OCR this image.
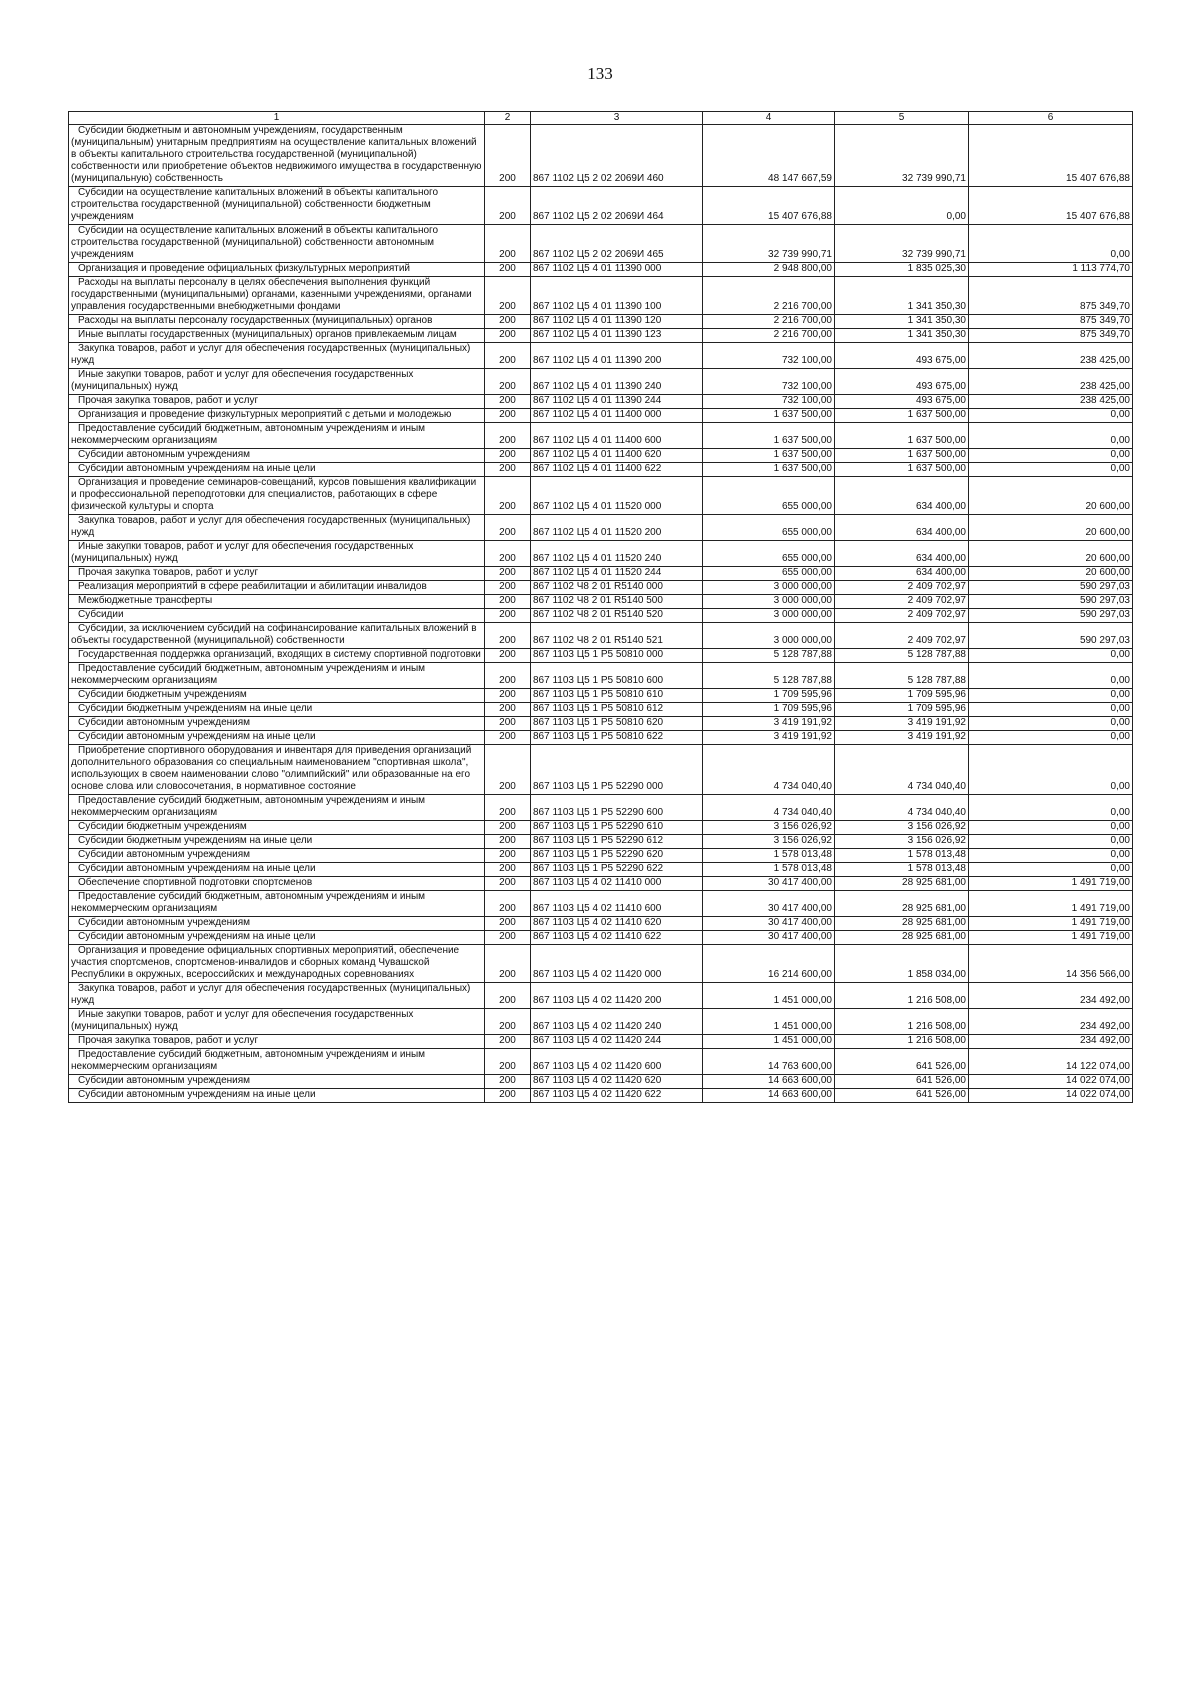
133
1	2	3	4	5	6
Субсидии бюджетным и автономным учреждениям, государственным (муниципальным) унитарным предприятиям на осуществление капитальных вложений в объекты капитального строительства государственной (муниципальной) собственности или приобретение объектов недвижимого имущества в государственную (муниципальную) собственность	200	867 1102 Ц5 2 02 2069И 460	48 147 667,59	32 739 990,71	15 407 676,88
Субсидии на осуществление капитальных вложений в объекты капитального строительства государственной (муниципальной) собственности бюджетным учреждениям	200	867 1102 Ц5 2 02 2069И 464	15 407 676,88	0,00	15 407 676,88
Субсидии на осуществление капитальных вложений в объекты капитального строительства государственной (муниципальной) собственности автономным учреждениям	200	867 1102 Ц5 2 02 2069И 465	32 739 990,71	32 739 990,71	0,00
Организация и проведение официальных физкультурных мероприятий	200	867 1102 Ц5 4 01 11390 000	2 948 800,00	1 835 025,30	1 113 774,70
Расходы на выплаты персоналу в целях обеспечения выполнения функций государственными (муниципальными) органами, казенными учреждениями, органами управления государственными внебюджетными фондами	200	867 1102 Ц5 4 01 11390 100	2 216 700,00	1 341 350,30	875 349,70
Расходы на выплаты персоналу государственных (муниципальных) органов	200	867 1102 Ц5 4 01 11390 120	2 216 700,00	1 341 350,30	875 349,70
Иные выплаты государственных (муниципальных) органов привлекаемым лицам	200	867 1102 Ц5 4 01 11390 123	2 216 700,00	1 341 350,30	875 349,70
Закупка товаров, работ и услуг для обеспечения государственных (муниципальных) нужд	200	867 1102 Ц5 4 01 11390 200	732 100,00	493 675,00	238 425,00
Иные закупки товаров, работ и услуг для обеспечения государственных (муниципальных) нужд	200	867 1102 Ц5 4 01 11390 240	732 100,00	493 675,00	238 425,00
Прочая закупка товаров, работ и услуг	200	867 1102 Ц5 4 01 11390 244	732 100,00	493 675,00	238 425,00
Организация и проведение физкультурных мероприятий с детьми и молодежью	200	867 1102 Ц5 4 01 11400 000	1 637 500,00	1 637 500,00	0,00
Предоставление субсидий бюджетным, автономным учреждениям и иным некоммерческим организациям	200	867 1102 Ц5 4 01 11400 600	1 637 500,00	1 637 500,00	0,00
Субсидии автономным учреждениям	200	867 1102 Ц5 4 01 11400 620	1 637 500,00	1 637 500,00	0,00
Субсидии автономным учреждениям на иные цели	200	867 1102 Ц5 4 01 11400 622	1 637 500,00	1 637 500,00	0,00
Организация и проведение семинаров-совещаний, курсов повышения квалификации и профессиональной переподготовки для специалистов, работающих в сфере физической культуры и спорта	200	867 1102 Ц5 4 01 11520 000	655 000,00	634 400,00	20 600,00
Закупка товаров, работ и услуг для обеспечения государственных (муниципальных) нужд	200	867 1102 Ц5 4 01 11520 200	655 000,00	634 400,00	20 600,00
Иные закупки товаров, работ и услуг для обеспечения государственных (муниципальных) нужд	200	867 1102 Ц5 4 01 11520 240	655 000,00	634 400,00	20 600,00
Прочая закупка товаров, работ и услуг	200	867 1102 Ц5 4 01 11520 244	655 000,00	634 400,00	20 600,00
Реализация мероприятий в сфере реабилитации и абилитации инвалидов	200	867 1102 Ч8 2 01 R5140 000	3 000 000,00	2 409 702,97	590 297,03
Межбюджетные трансферты	200	867 1102 Ч8 2 01 R5140 500	3 000 000,00	2 409 702,97	590 297,03
Субсидии	200	867 1102 Ч8 2 01 R5140 520	3 000 000,00	2 409 702,97	590 297,03
Субсидии, за исключением субсидий на софинансирование капитальных вложений в объекты государственной (муниципальной) собственности	200	867 1102 Ч8 2 01 R5140 521	3 000 000,00	2 409 702,97	590 297,03
Государственная поддержка организаций, входящих в систему спортивной подготовки	200	867 1103 Ц5 1 Р5 50810 000	5 128 787,88	5 128 787,88	0,00
Предоставление субсидий бюджетным, автономным учреждениям и иным некоммерческим организациям	200	867 1103 Ц5 1 Р5 50810 600	5 128 787,88	5 128 787,88	0,00
Субсидии бюджетным учреждениям	200	867 1103 Ц5 1 Р5 50810 610	1 709 595,96	1 709 595,96	0,00
Субсидии бюджетным учреждениям на иные цели	200	867 1103 Ц5 1 Р5 50810 612	1 709 595,96	1 709 595,96	0,00
Субсидии автономным учреждениям	200	867 1103 Ц5 1 Р5 50810 620	3 419 191,92	3 419 191,92	0,00
Субсидии автономным учреждениям на иные цели	200	867 1103 Ц5 1 Р5 50810 622	3 419 191,92	3 419 191,92	0,00
Приобретение спортивного оборудования и инвентаря для приведения организаций дополнительного образования со специальным наименованием "спортивная школа", использующих в своем наименовании слово "олимпийский" или образованные на его основе слова или словосочетания, в нормативное состояние	200	867 1103 Ц5 1 Р5 52290 000	4 734 040,40	4 734 040,40	0,00
Предоставление субсидий бюджетным, автономным учреждениям и иным некоммерческим организациям	200	867 1103 Ц5 1 Р5 52290 600	4 734 040,40	4 734 040,40	0,00
Субсидии бюджетным учреждениям	200	867 1103 Ц5 1 Р5 52290 610	3 156 026,92	3 156 026,92	0,00
Субсидии бюджетным учреждениям на иные цели	200	867 1103 Ц5 1 Р5 52290 612	3 156 026,92	3 156 026,92	0,00
Субсидии автономным учреждениям	200	867 1103 Ц5 1 Р5 52290 620	1 578 013,48	1 578 013,48	0,00
Субсидии автономным учреждениям на иные цели	200	867 1103 Ц5 1 Р5 52290 622	1 578 013,48	1 578 013,48	0,00
Обеспечение спортивной подготовки спортсменов	200	867 1103 Ц5 4 02 11410 000	30 417 400,00	28 925 681,00	1 491 719,00
Предоставление субсидий бюджетным, автономным учреждениям и иным некоммерческим организациям	200	867 1103 Ц5 4 02 11410 600	30 417 400,00	28 925 681,00	1 491 719,00
Субсидии автономным учреждениям	200	867 1103 Ц5 4 02 11410 620	30 417 400,00	28 925 681,00	1 491 719,00
Субсидии автономным учреждениям на иные цели	200	867 1103 Ц5 4 02 11410 622	30 417 400,00	28 925 681,00	1 491 719,00
Организация и проведение официальных спортивных мероприятий, обеспечение участия спортсменов, спортсменов-инвалидов и сборных команд Чувашской Республики в окружных, всероссийских и международных соревнованиях	200	867 1103 Ц5 4 02 11420 000	16 214 600,00	1 858 034,00	14 356 566,00
Закупка товаров, работ и услуг для обеспечения государственных (муниципальных) нужд	200	867 1103 Ц5 4 02 11420 200	1 451 000,00	1 216 508,00	234 492,00
Иные закупки товаров, работ и услуг для обеспечения государственных (муниципальных) нужд	200	867 1103 Ц5 4 02 11420 240	1 451 000,00	1 216 508,00	234 492,00
Прочая закупка товаров, работ и услуг	200	867 1103 Ц5 4 02 11420 244	1 451 000,00	1 216 508,00	234 492,00
Предоставление субсидий бюджетным, автономным учреждениям и иным некоммерческим организациям	200	867 1103 Ц5 4 02 11420 600	14 763 600,00	641 526,00	14 122 074,00
Субсидии автономным учреждениям	200	867 1103 Ц5 4 02 11420 620	14 663 600,00	641 526,00	14 022 074,00
Субсидии автономным учреждениям на иные цели	200	867 1103 Ц5 4 02 11420 622	14 663 600,00	641 526,00	14 022 074,00
